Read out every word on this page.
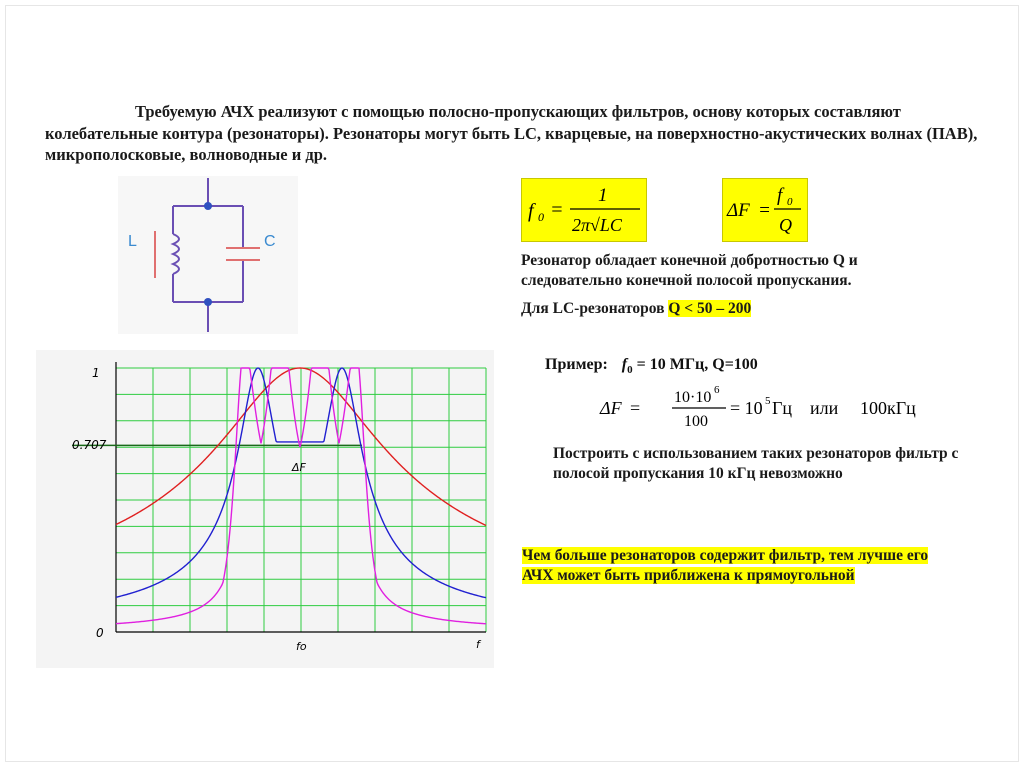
Требуемую АЧХ реализуют с помощью полосно-пропускающих фильтров, основу которых составляют колебательные контура (резонаторы). Резонаторы могут быть LC, кварцевые, на поверхностно-акустических волнах (ПАВ), микрополосковые, волноводные и др.
L	C
f 0 =
1
2π√LC
ΔF =
f 0
Q
Резонатор обладает конечной добротностью Q и
следовательно конечной полосой пропускания.
Для LC-резонаторов Q < 50 – 200
Пример: $f_0 = 10$ МГц, Q=100
ΔF =
10·10 6
100
= 10 5 Гц или 100кГц
Построить с использованием таких резонаторов фильтр с
полосой пропускания 10 кГц невозможно
Чем больше резонаторов содержит фильтр, тем лучше его
АЧХ может быть приближена к прямоугольной
1
0.707
0
fo	f
ΔF
